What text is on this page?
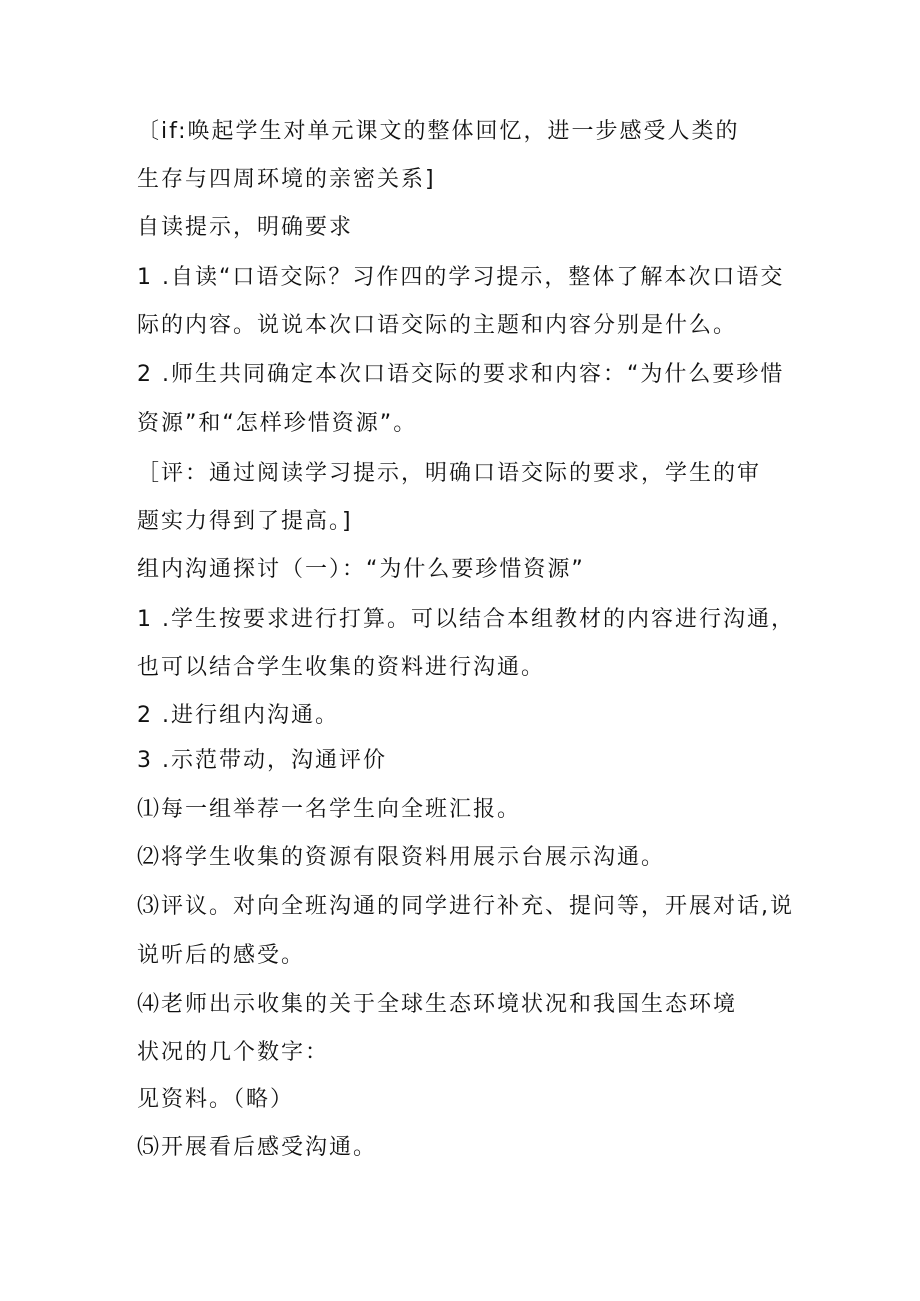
〔if:唤起学生对单元课文的整体回忆，进一步感受人类的
生存与四周环境的亲密关系]
自读提示，明确要求
1 .自读“口语交际？习作四的学习提示，整体了解本次口语交
际的内容。说说本次口语交际的主题和内容分别是什么。
2 .师生共同确定本次口语交际的要求和内容：“为什么要珍惜
资源”和“怎样珍惜资源”。
［评：通过阅读学习提示，明确口语交际的要求，学生的审
题实力得到了提高。]
组内沟通探讨（一）：“为什么要珍惜资源”
1 .学生按要求进行打算。可以结合本组教材的内容进行沟通，
也可以结合学生收集的资料进行沟通。
2 .进行组内沟通。
3 .示范带动，沟通评价
⑴每一组举荐一名学生向全班汇报。
⑵将学生收集的资源有限资料用展示台展示沟通。
⑶评议。对向全班沟通的同学进行补充、提问等，开展对话,说
说听后的感受。
⑷老师出示收集的关于全球生态环境状况和我国生态环境
状况的几个数字：
见资料。（略）
⑸开展看后感受沟通。
